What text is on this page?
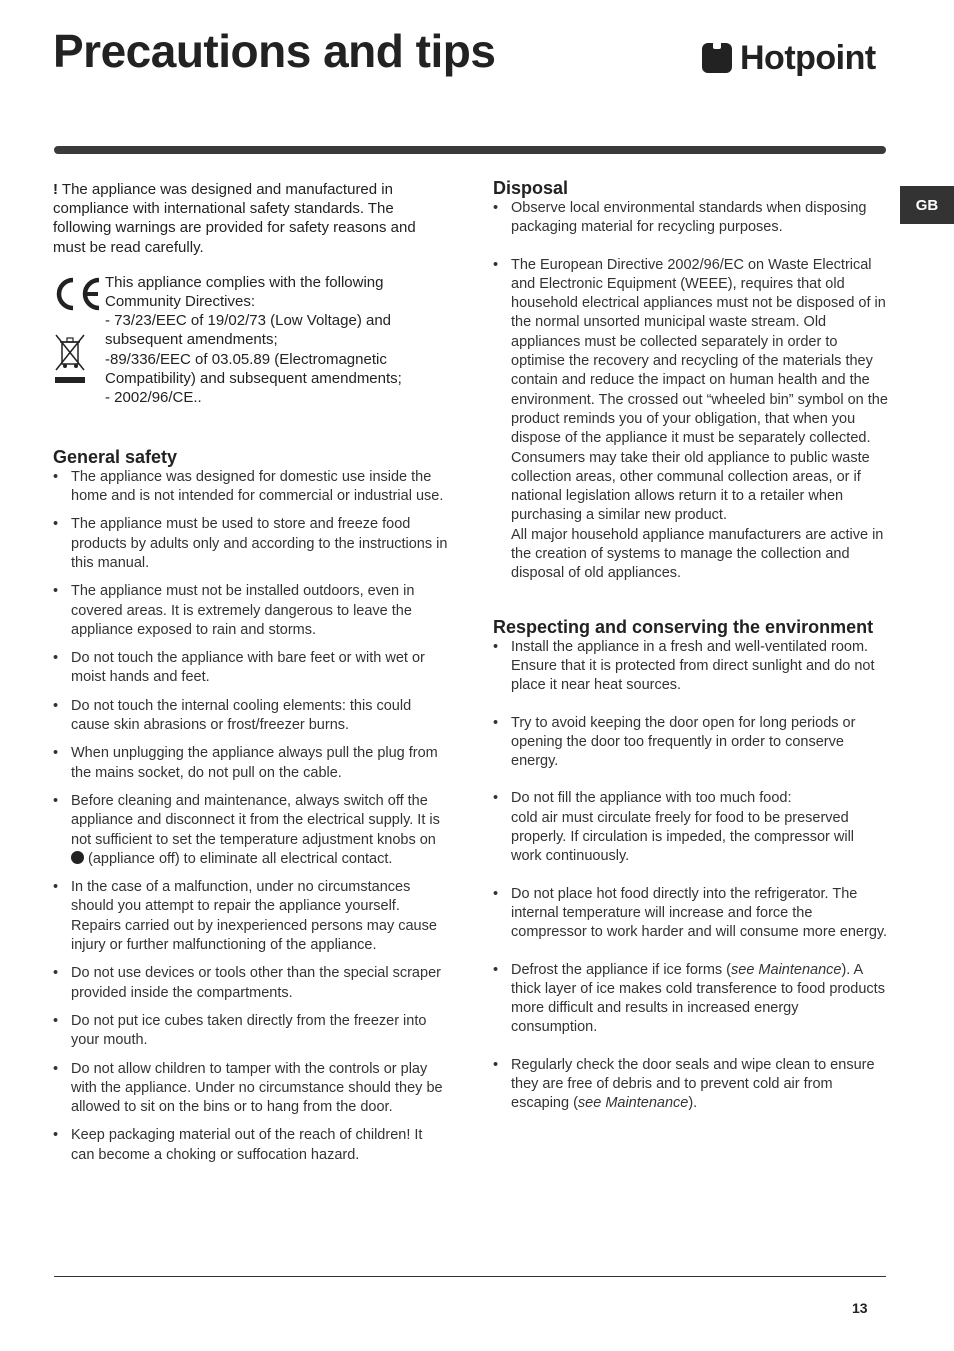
Precautions and tips	Hotpoint
GB

! The appliance was designed and manufactured in compliance with international safety standards. The following warnings are provided for safety reasons and must be read carefully.

This appliance complies with the following
Community Directives:
- 73/23/EEC of 19/02/73 (Low Voltage) and
subsequent amendments;
-89/336/EEC of 03.05.89 (Electromagnetic
Compatibility) and subsequent amendments;
- 2002/96/CE..
General safety
• The appliance was designed for domestic use inside the home and is not intended for commercial or industrial use.
• The appliance must be used to store and freeze food products by adults only and according to the instructions in this manual.
• The appliance must not be installed outdoors, even in covered areas. It is extremely dangerous to leave the appliance exposed to rain and storms.
• Do not touch the appliance with bare feet or with wet or moist hands and feet.
• Do not touch the internal cooling elements: this could cause skin abrasions or frost/freezer burns.
• When unplugging the appliance always pull the plug from the mains socket, do not pull on the cable.
• Before cleaning and maintenance, always switch off the appliance and disconnect it from the electrical supply. It is not sufficient to set the temperature adjustment knobs on  (appliance off) to eliminate all electrical contact.
• In the case of a malfunction, under no circumstances should you attempt to repair the appliance yourself. Repairs carried out by inexperienced persons may cause injury or further malfunctioning of the appliance.
• Do not use devices or tools other than the special scraper provided inside the compartments.
• Do not put ice cubes taken directly from the freezer into your mouth.
• Do not allow children to tamper with the controls or play with the appliance. Under no circumstance should they be allowed to sit on the bins or to hang from the door.
• Keep packaging material out of the reach of children! It can become a choking or suffocation hazard.
Disposal
• Observe local environmental standards when disposing packaging material for recycling purposes.
• The European Directive 2002/96/EC on Waste Electrical and Electronic Equipment (WEEE), requires that old household electrical appliances must not be disposed of in the normal unsorted municipal waste stream. Old appliances must be collected separately in order to optimise the recovery and recycling of the materials they contain and reduce the impact on human health and the environment. The crossed out “wheeled bin” symbol on the product reminds you of your obligation, that when you dispose of the appliance it must be separately collected.
Consumers may take their old appliance to public waste collection areas, other communal collection areas, or if national legislation allows return it to a retailer when purchasing a similar new product.
All major household appliance manufacturers are active in the creation of systems to manage the collection and disposal of old appliances.
Respecting and conserving the environment
• Install the appliance in a fresh and well-ventilated room. Ensure that it is protected from direct sunlight and do not place it near heat sources.
• Try to avoid keeping the door open for long periods or opening the door too frequently in order to conserve energy.
• Do not fill the appliance with too much food:
cold air must circulate freely for food to be preserved properly. If circulation is impeded, the compressor will work continuously.
• Do not place hot food directly into the refrigerator. The internal temperature will increase and force the compressor to work harder and will consume more energy.
• Defrost the appliance if ice forms (see Maintenance). A thick layer of ice makes cold transference to food products more difficult and results in increased energy consumption.
• Regularly check the door seals and wipe clean to ensure they are free of debris and to prevent cold air from escaping (see Maintenance).
13
